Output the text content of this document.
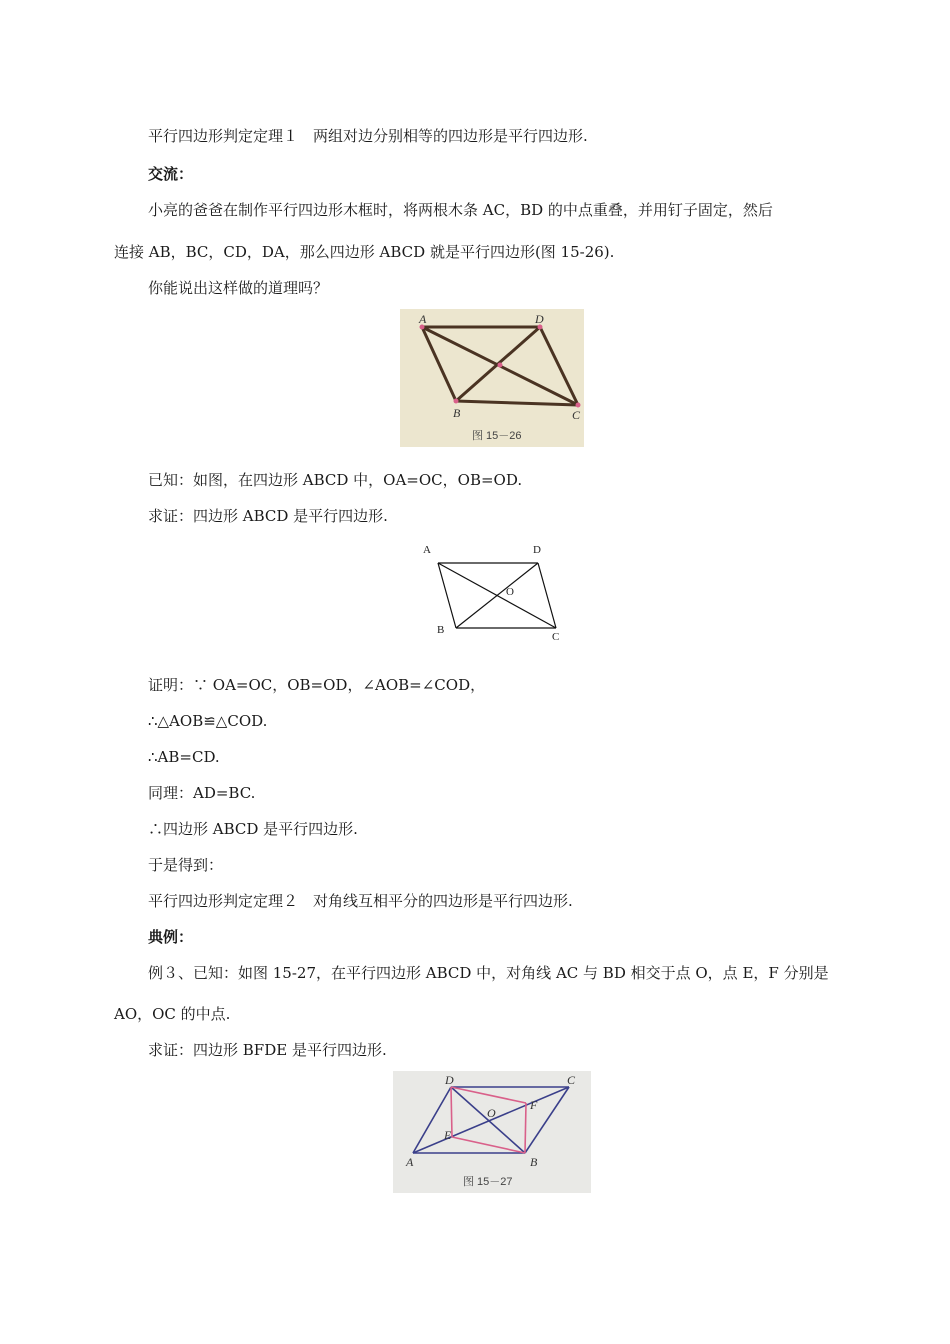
平行四边形判定定理１　两组对边分别相等的四边形是平行四边形.
交流：
小亮的爸爸在制作平行四边形木框时，将两根木条 AC，BD 的中点重叠，并用钉子固定，然后
连接 AB，BC，CD，DA，那么四边形 ABCD 就是平行四边形(图 15-26).
你能说出这样做的道理吗？
A	D
B	C
图 15－26
已知：如图，在四边形 ABCD 中，OA=OC，OB=OD.
求证：四边形 ABCD 是平行四边形.
A	D
O
B
C
证明：∵ OA=OC，OB=OD，∠AOB=∠COD，
∴△AOB≌△COD.
∴AB=CD.
同理：AD=BC.
∴四边形 ABCD 是平行四边形.
于是得到：
平行四边形判定定理２　对角线互相平分的四边形是平行四边形.
典例：
例３、已知：如图 15-27，在平行四边形 ABCD 中，对角线 AC 与 BD 相交于点 O，点 E，F 分别是
AO，OC 的中点.
求证：四边形 BFDE 是平行四边形.
D	C
O
F
E
A	B
图 15－27
